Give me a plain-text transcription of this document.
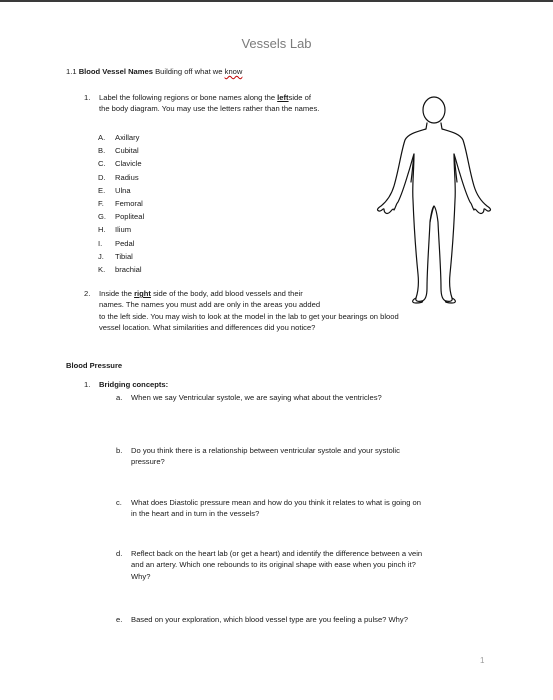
Vessels Lab
1.1 Blood Vessel Names Building off what we know
1. Label the following regions or bone names along the leftside of
the body diagram. You may use the letters rather than the names.
A.	Axillary
B.	Cubital
C.	Clavicle
D.	Radius
E.	Ulna
F.	Femoral
G.	Popliteal
H.	Ilium
I.	Pedal
J.	Tibial
K.	brachial
2. Inside the right side of the body, add blood vessels and their
names. The names you must add are only in the areas you added
to the left side. You may wish to look at the model in the lab to get your bearings on blood
vessel location. What similarities and differences did you notice?
Blood Pressure
1. Bridging concepts:
a. When we say Ventricular systole, we are saying what about the ventricles?
b. Do you think there is a relationship between ventricular systole and your systolic
pressure?
c. What does Diastolic pressure mean and how do you think it relates to what is going on
in the heart and in turn in the vessels?
d. Reflect back on the heart lab (or get a heart) and identify the difference between a vein
and an artery. Which one rebounds to its original shape with ease when you pinch it?
Why?
e. Based on your exploration, which blood vessel type are you feeling a pulse? Why?
1
